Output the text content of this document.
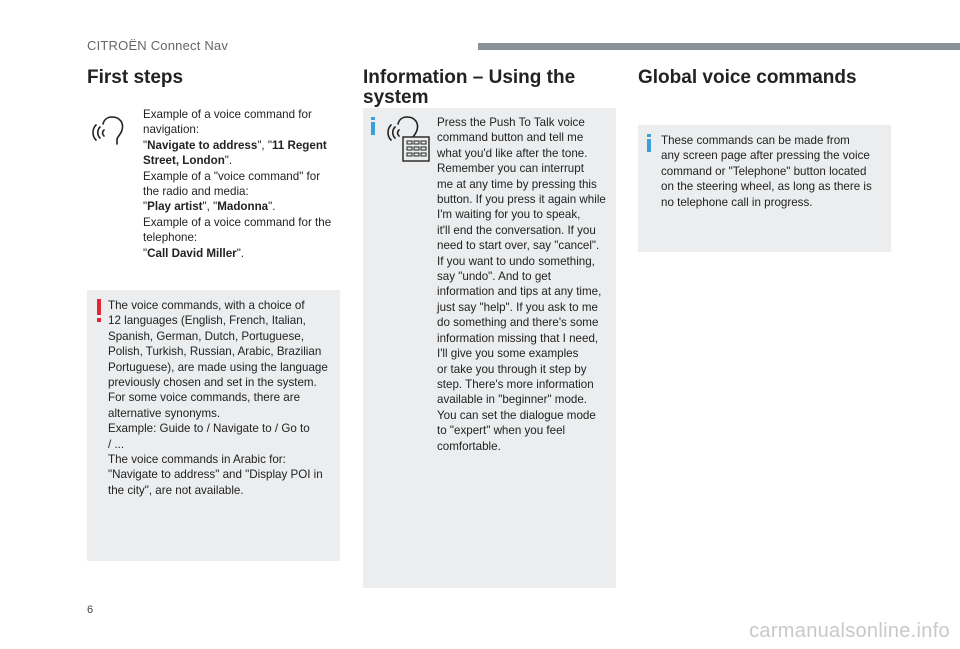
CITROËN Connect Nav
First steps

Example of a voice command for

navigation:

"Navigate to address", "11 Regent

Street, London".

Example of a "voice command" for

the radio and media:

"Play artist", "Madonna".

Example of a voice command for the

telephone:

"Call David Miller".

The voice commands, with a choice of

12 languages (English, French, Italian,

Spanish, German, Dutch, Portuguese,

Polish, Turkish, Russian, Arabic, Brazilian

Portuguese), are made using the language

previously chosen and set in the system.

For some voice commands, there are

alternative synonyms.

Example: Guide to / Navigate to / Go to

/ ...

The voice commands in Arabic for:

"Navigate to address" and "Display POI in

the city", are not available.

Information – Using the
system

Press the Push To Talk voice

command button and tell me

what you'd like after the tone.

Remember you can interrupt

me at any time by pressing this

button. If you press it again while

I'm waiting for you to speak,

it'll end the conversation. If you

need to start over, say "cancel".

If you want to undo something,

say "undo". And to get

information and tips at any time,

just say "help". If you ask to me

do something and there's some

information missing that I need,

I'll give you some examples

or take you through it step by

step. There's more information

available in "beginner" mode.

You can set the dialogue mode

to "expert" when you feel

comfortable.

Global voice commands

These commands can be made from

any screen page after pressing the voice

command or "Telephone" button located

on the steering wheel, as long as there is

no telephone call in progress.

6
carmanualsonline.info
